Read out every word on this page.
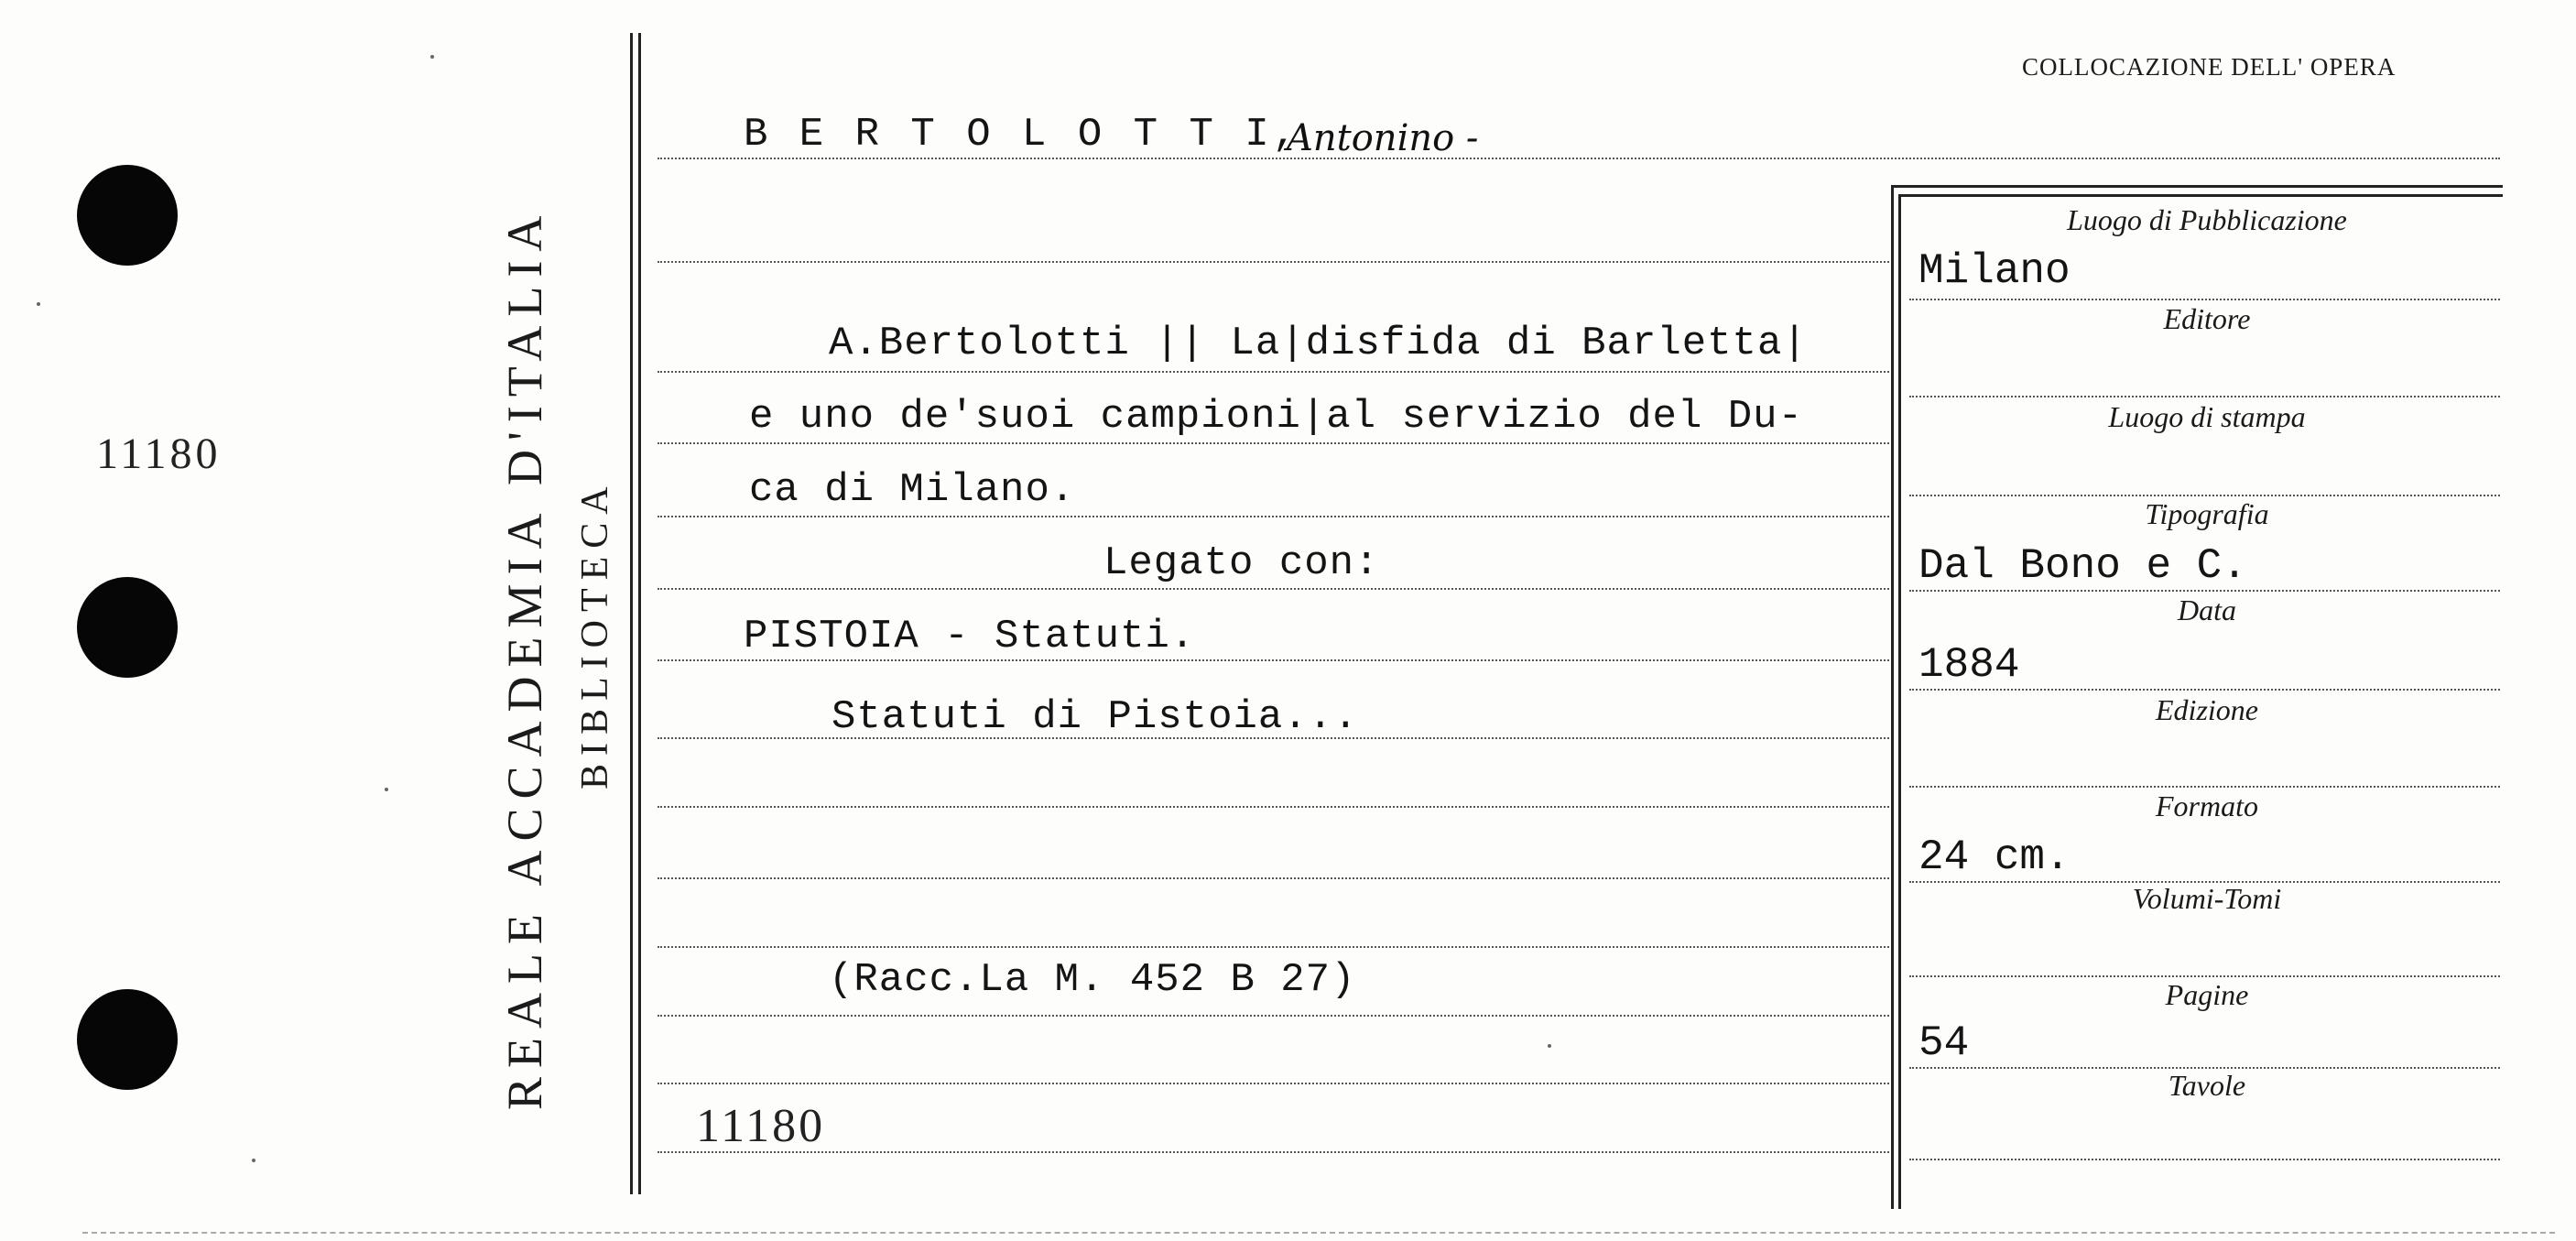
11180	REALE ACCADEMIA D'ITALIA BIBLIOTECA
COLLOCAZIONE DELL' OPERA
B E R T O L O T T I,
Antonino -
A.Bertolotti || La|disfida di Barletta|
e uno de'suoi campioni|al servizio del Du-
ca di Milano.
Legato con:
PISTOIA - Statuti.
Statuti di Pistoia...
(Racc.La M. 452 B 27)
11180
Luogo di Pubblicazione
Editore
Luogo di stampa
Tipografia
Data
Edizione
Formato
Volumi-Tomi
Pagine
Tavole
Milano
Dal Bono e C.
1884
24 cm.
54
